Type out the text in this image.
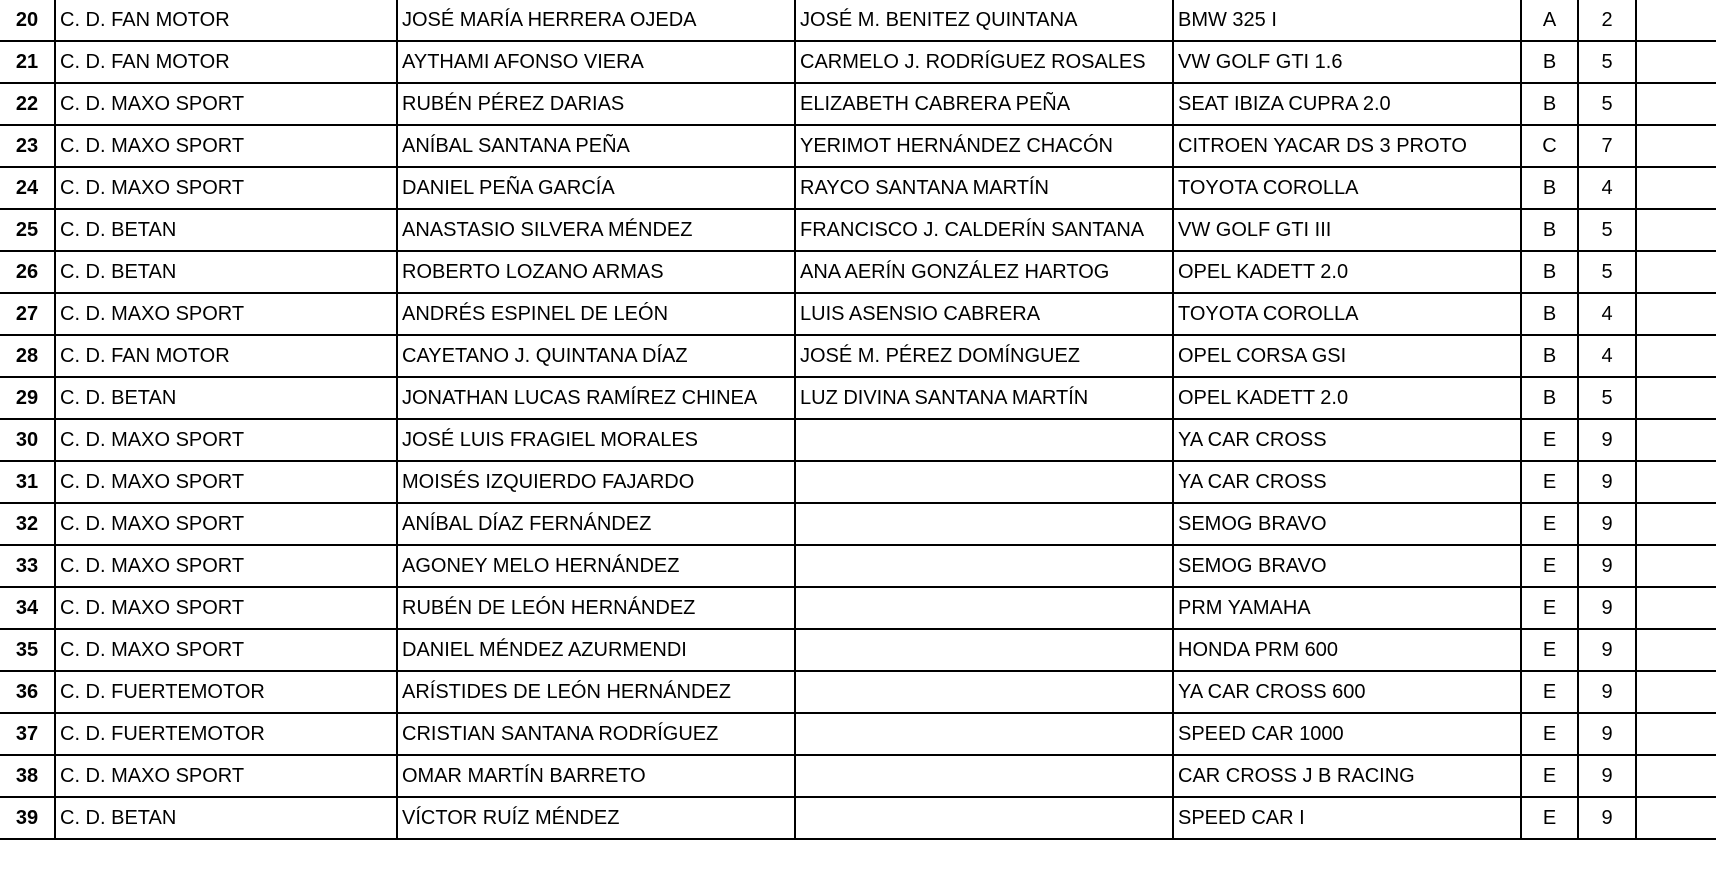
20	C. D. FAN MOTOR	JOSÉ MARÍA HERRERA OJEDA	JOSÉ M. BENITEZ QUINTANA	BMW 325 I	A	2	
21	C. D. FAN MOTOR	AYTHAMI AFONSO VIERA	CARMELO J. RODRÍGUEZ ROSALES	VW GOLF GTI 1.6	B	5	
22	C. D. MAXO SPORT	RUBÉN PÉREZ DARIAS	ELIZABETH CABRERA PEÑA	SEAT IBIZA CUPRA 2.0	B	5	
23	C. D. MAXO SPORT	ANÍBAL SANTANA PEÑA	YERIMOT HERNÁNDEZ CHACÓN	CITROEN YACAR DS 3 PROTO	C	7	
24	C. D. MAXO SPORT	DANIEL PEÑA GARCÍA	RAYCO SANTANA MARTÍN	TOYOTA COROLLA	B	4	
25	C. D. BETAN	ANASTASIO SILVERA MÉNDEZ	FRANCISCO J. CALDERÍN SANTANA	VW GOLF GTI III	B	5	
26	C. D. BETAN	ROBERTO LOZANO ARMAS	ANA AERÍN GONZÁLEZ HARTOG	OPEL KADETT 2.0	B	5	
27	C. D. MAXO SPORT	ANDRÉS ESPINEL DE LEÓN	LUIS ASENSIO CABRERA	TOYOTA COROLLA	B	4	
28	C. D. FAN MOTOR	CAYETANO J. QUINTANA DÍAZ	JOSÉ M. PÉREZ DOMÍNGUEZ	OPEL CORSA GSI	B	4	
29	C. D. BETAN	JONATHAN LUCAS RAMÍREZ CHINEA	LUZ DIVINA SANTANA MARTÍN	OPEL KADETT 2.0	B	5	
30	C. D. MAXO SPORT	JOSÉ LUIS FRAGIEL MORALES		YA CAR CROSS	E	9	
31	C. D. MAXO SPORT	MOISÉS IZQUIERDO FAJARDO		YA CAR CROSS	E	9	
32	C. D. MAXO SPORT	ANÍBAL DÍAZ FERNÁNDEZ		SEMOG BRAVO	E	9	
33	C. D. MAXO SPORT	AGONEY MELO HERNÁNDEZ		SEMOG BRAVO	E	9	
34	C. D. MAXO SPORT	RUBÉN DE LEÓN HERNÁNDEZ		PRM YAMAHA	E	9	
35	C. D. MAXO SPORT	DANIEL MÉNDEZ AZURMENDI		HONDA PRM 600	E	9	
36	C. D. FUERTEMOTOR	ARÍSTIDES DE LEÓN HERNÁNDEZ		YA CAR CROSS 600	E	9	
37	C. D. FUERTEMOTOR	CRISTIAN SANTANA RODRÍGUEZ		SPEED CAR 1000	E	9	
38	C. D. MAXO SPORT	OMAR MARTÍN BARRETO		CAR CROSS J B RACING	E	9	
39	C. D. BETAN	VÍCTOR RUÍZ MÉNDEZ		SPEED CAR I	E	9	
